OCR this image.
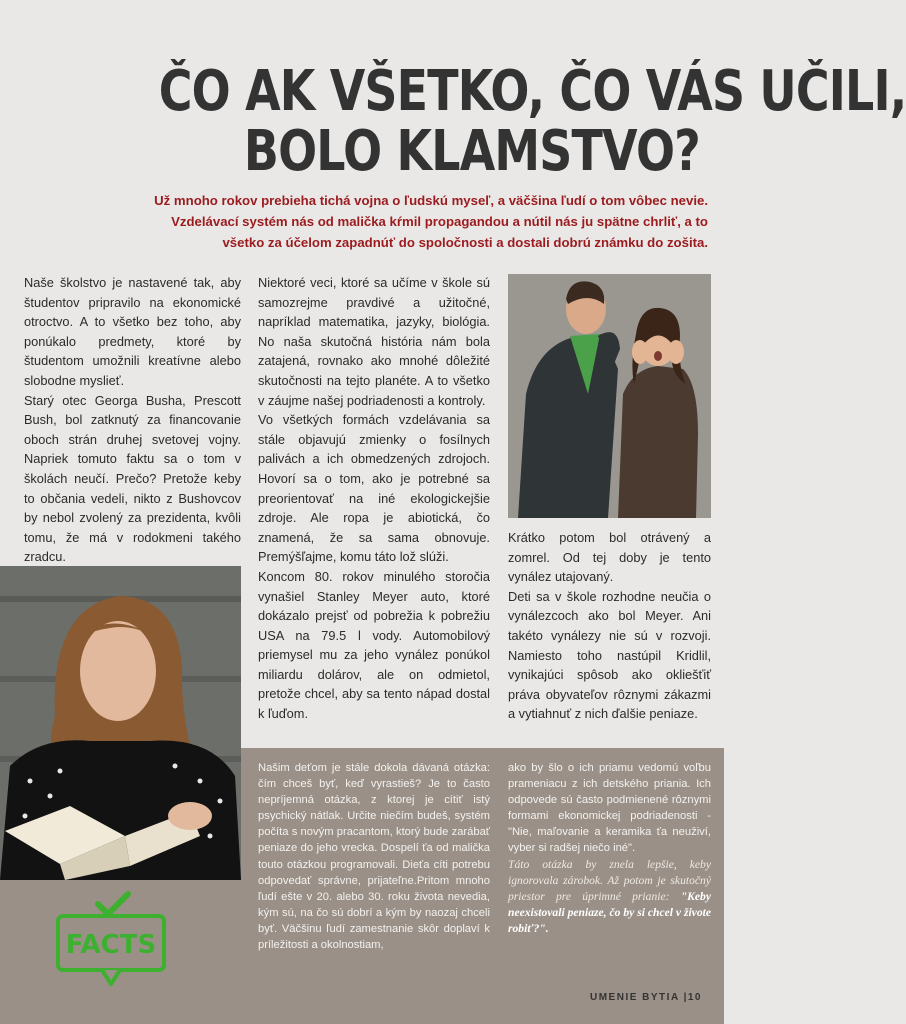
ČO AK VŠETKO, ČO VÁS UČILI,
BOLO KLAMSTVO?
Už mnoho rokov prebieha tichá vojna o ľudskú myseľ, a väčšina ľudí o tom vôbec nevie.
Vzdelávací systém nás od malička kŕmil propagandou a nútil nás ju spätne chrliť, a to
všetko za účelom zapadnúť do spoločnosti a dostali dobrú známku do zošita.

Naše školstvo je nastavené tak, aby študentov pripravilo na ekonomické otroctvo. A to všetko bez toho, aby ponúkalo predmety, ktoré by študentom umožnili kreatívne alebo slobodne myslieť.

Starý otec Georga Busha, Prescott Bush, bol zatknutý za financovanie oboch strán druhej svetovej vojny. Napriek tomuto faktu sa o tom v školách neučí. Prečo? Pretože keby to občania vedeli, nikto z Bushovcov by nebol zvolený za prezidenta, kvôli tomu, že má v rodokmeni takého zradcu.

Niektoré veci, ktoré sa učíme v škole sú samozrejme pravdivé a užitočné, napríklad matematika, jazyky, biológia. No naša skutočná história nám bola zatajená, rovnako ako mnohé dôležité skutočnosti na tejto planéte. A to všetko v záujme našej podriadenosti a kontroly.

Vo všetkých formách vzdelávania sa stále objavujú zmienky o fosílnych palivách a ich obmedzených zdrojoch. Hovorí sa o tom, ako je potrebné sa preorientovať na iné ekologickejšie zdroje. Ale ropa je abiotická, čo znamená, že sa sama obnovuje. Premýšľajme, komu táto lož slúži.

Koncom 80. rokov minulého storočia vynašiel Stanley Meyer auto, ktoré dokázalo prejsť od pobrežia k pobrežiu USA na 79.5 l vody. Automobilový priemysel mu za jeho vynález ponúkol miliardu dolárov, ale on odmietol, pretože chcel, aby sa tento nápad dostal k ľuďom.

Krátko potom bol otrávený a zomrel. Od tej doby je tento vynález utajovaný.

Deti sa v škole rozhodne neučia o vynálezcoch ako bol Meyer. Ani takéto vynálezy nie sú v rozvoji. Namiesto toho nastúpil Kridlil, vynikajúci spôsob ako okliešťiť práva obyvateľov rôznymi zákazmi a vytiahnuť z nich ďalšie peniaze.

FACTS

Našim deťom je stále dokola dávaná otázka: čím chceš byť, keď vyrastieš? Je to často nepríjemná otázka, z ktorej je cítiť istý psychický nátlak. Určite niečím budeš, systém počíta s novým pracantom, ktorý bude zarábať peniaze do jeho vrecka. Dospelí ťa od malička touto otázkou programovali. Dieťa cíti potrebu odpovedať správne, prijateľne.Pritom mnoho ľudí ešte v 20. alebo 30. roku života nevedia, kým sú, na čo sú dobrí a kým by naozaj chceli byť. Väčšinu ľudí zamestnanie skôr doplaví k príležitosti a okolnostiam,

ako by šlo o ich priamu vedomú voľbu prameniacu z ich detského priania. Ich odpovede sú často podmienené rôznymi formami ekonomickej podriadenosti - "Nie, maľovanie a keramika ťa neuživí, vyber si radšej niečo iné".

Táto otázka by znela lepšie, keby ignorovala zárobok. Až potom je skutočný priestor pre úprimné prianie: "Keby neexistovali peniaze, čo by si chcel v živote robiť?".

UMENIE BYTIA |10
